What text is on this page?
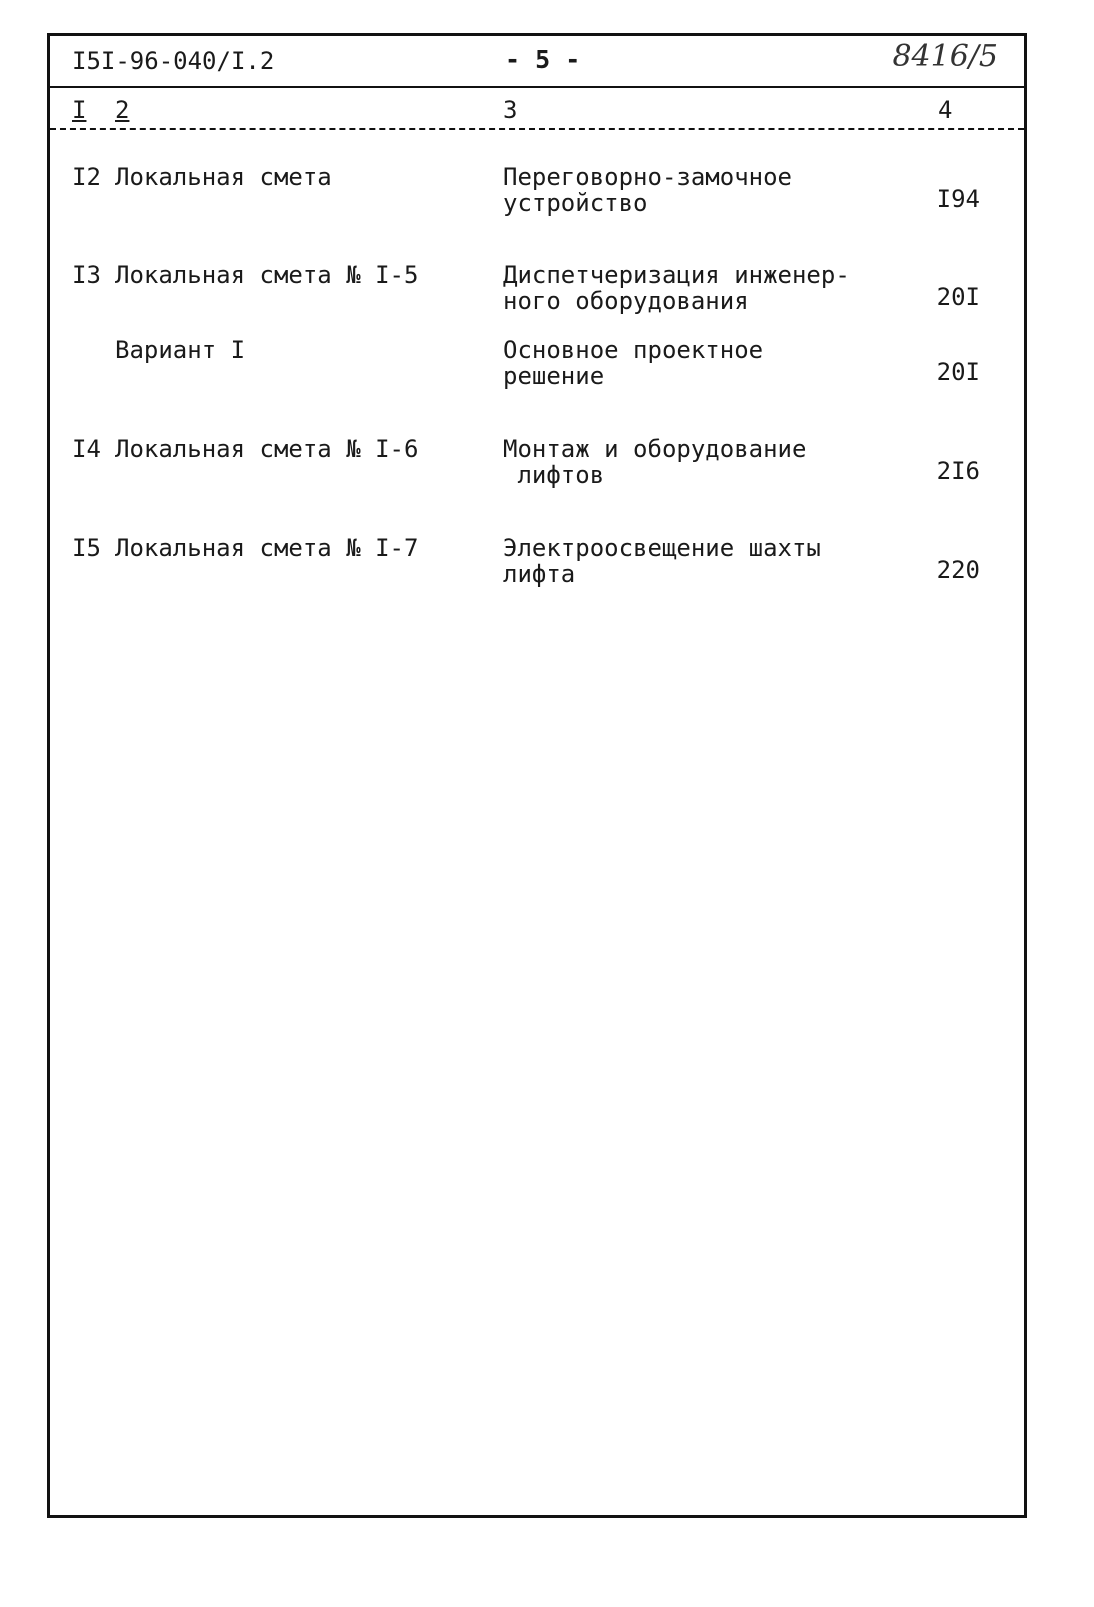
I5I-96-040/I.2	- 5 -	8416/5
I 2	3	4
I2 Локальная смета	Переговорно-замочное
устройство	I94
I3 Локальная смета № I-5	Диспетчеризация инженер-
ного оборудования	20I
Вариант I	Основное проектное
решение	20I
I4 Локальная смета № I-6	Монтаж и оборудование
лифтов	2I6
I5 Локальная смета № I-7	Электроосвещение шахты
лифта	220
